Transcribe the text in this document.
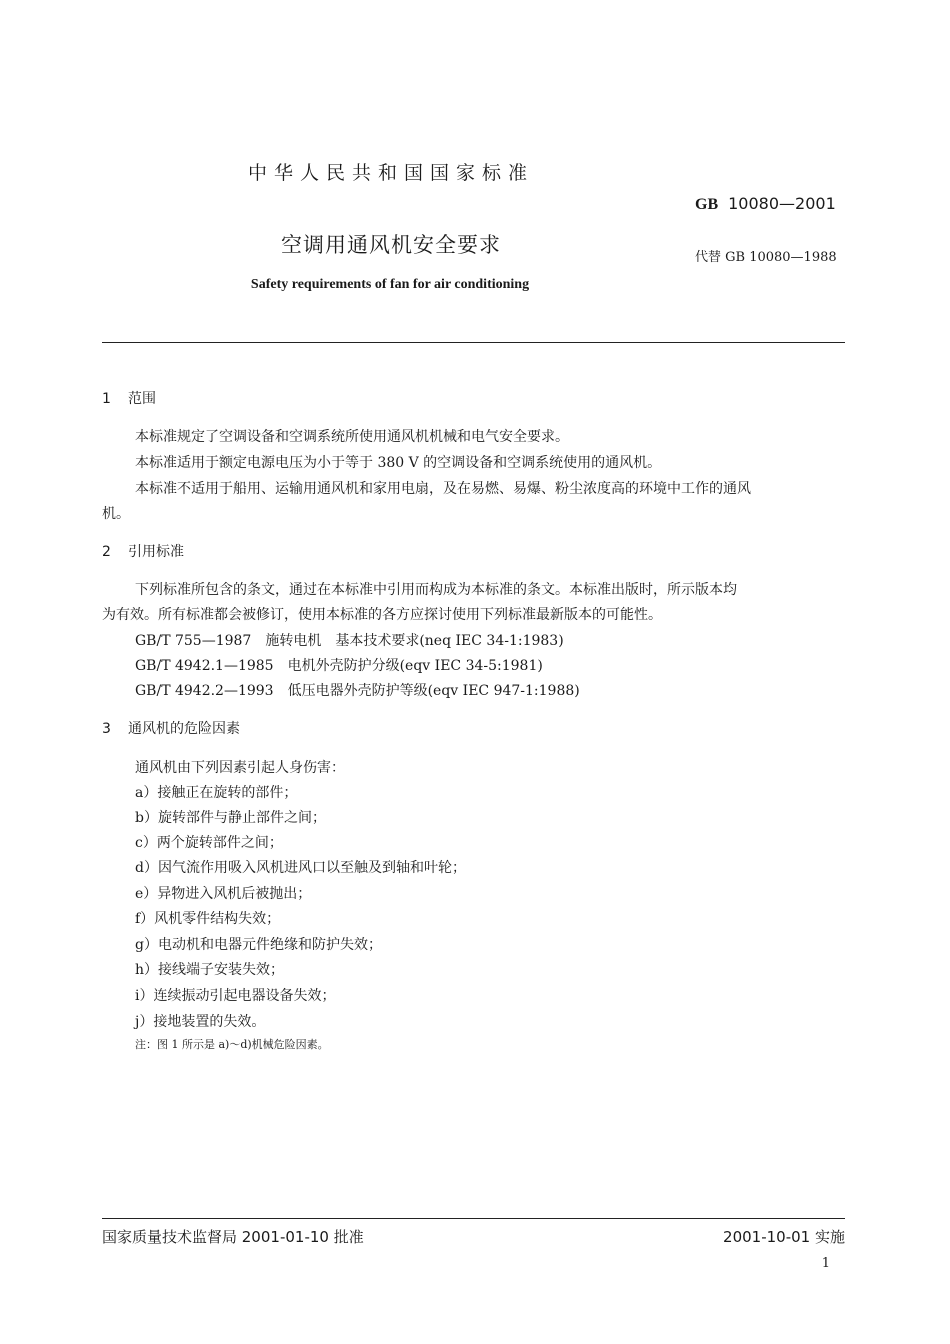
中华人民共和国国家标准
GB 10080—2001
空调用通风机安全要求
代替 GB 10080—1988
Safety requirements of fan for air conditioning
1 范围
本标准规定了空调设备和空调系统所使用通风机机械和电气安全要求。
本标准适用于额定电源电压为小于等于 380 V 的空调设备和空调系统使用的通风机。
本标准不适用于船用、运输用通风机和家用电扇，及在易燃、易爆、粉尘浓度高的环境中工作的通风
机。
2 引用标准
下列标准所包含的条文，通过在本标准中引用而构成为本标准的条文。本标准出版时，所示版本均
为有效。所有标准都会被修订，使用本标准的各方应探讨使用下列标准最新版本的可能性。
GB/T 755—1987　施转电机　基本技术要求(neq IEC 34-1:1983)
GB/T 4942.1—1985　电机外壳防护分级(eqv IEC 34-5:1981)
GB/T 4942.2—1993　低压电器外壳防护等级(eqv IEC 947-1:1988)
3 通风机的危险因素
通风机由下列因素引起人身伤害：
a）接触正在旋转的部件；
b）旋转部件与静止部件之间；
c）两个旋转部件之间；
d）因气流作用吸入风机进风口以至触及到轴和叶轮；
e）异物进入风机后被抛出；
f）风机零件结构失效；
g）电动机和电器元件绝缘和防护失效；
h）接线端子安装失效；
i）连续振动引起电器设备失效；
j）接地装置的失效。
注：图 1 所示是 a)～d)机械危险因素。
国家质量技术监督局 2001-01-10 批准	2001-10-01 实施
1
